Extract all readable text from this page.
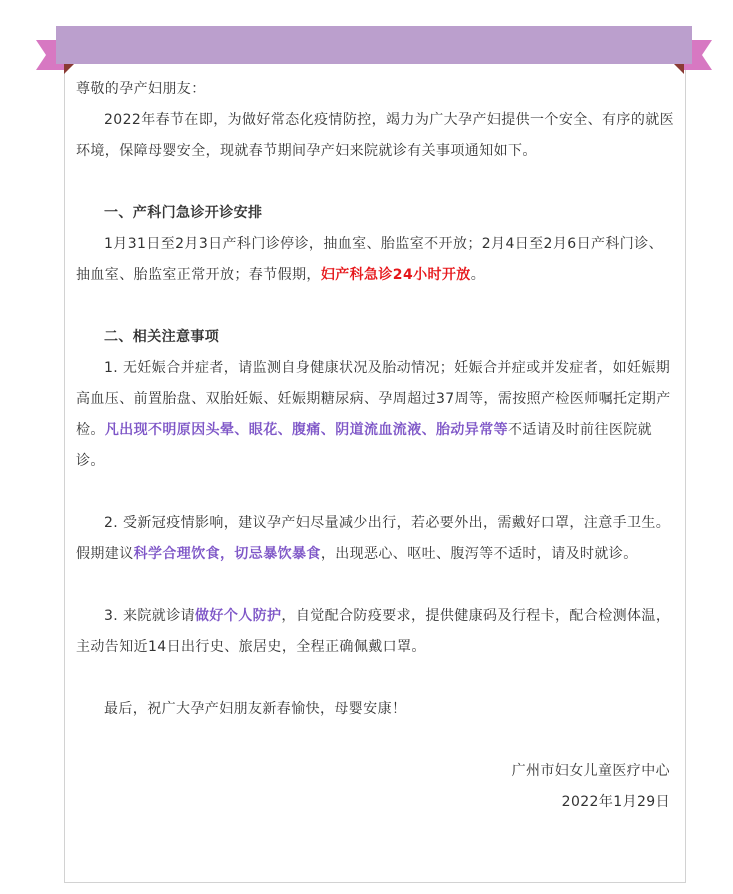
尊敬的孕产妇朋友：

2022年春节在即，为做好常态化疫情防控，竭力为广大孕产妇提供一个安全、有序的就医环境，保障母婴安全，现就春节期间孕产妇来院就诊有关事项通知如下。

一、产科门急诊开诊安排

1月31日至2月3日产科门诊停诊，抽血室、胎监室不开放；2月4日至2月6日产科门诊、抽血室、胎监室正常开放；春节假期，妇产科急诊24小时开放。

二、相关注意事项

1. 无妊娠合并症者，请监测自身健康状况及胎动情况；妊娠合并症或并发症者，如妊娠期高血压、前置胎盘、双胎妊娠、妊娠期糖尿病、孕周超过37周等，需按照产检医师嘱托定期产检。凡出现不明原因头晕、眼花、腹痛、阴道流血流液、胎动异常等不适请及时前往医院就诊。

2. 受新冠疫情影响，建议孕产妇尽量减少出行，若必要外出，需戴好口罩，注意手卫生。假期建议科学合理饮食，切忌暴饮暴食，出现恶心、呕吐、腹泻等不适时，请及时就诊。

3. 来院就诊请做好个人防护，自觉配合防疫要求，提供健康码及行程卡，配合检测体温，主动告知近14日出行史、旅居史，全程正确佩戴口罩。

最后，祝广大孕产妇朋友新春愉快，母婴安康！

广州市妇女儿童医疗中心

2022年1月29日
